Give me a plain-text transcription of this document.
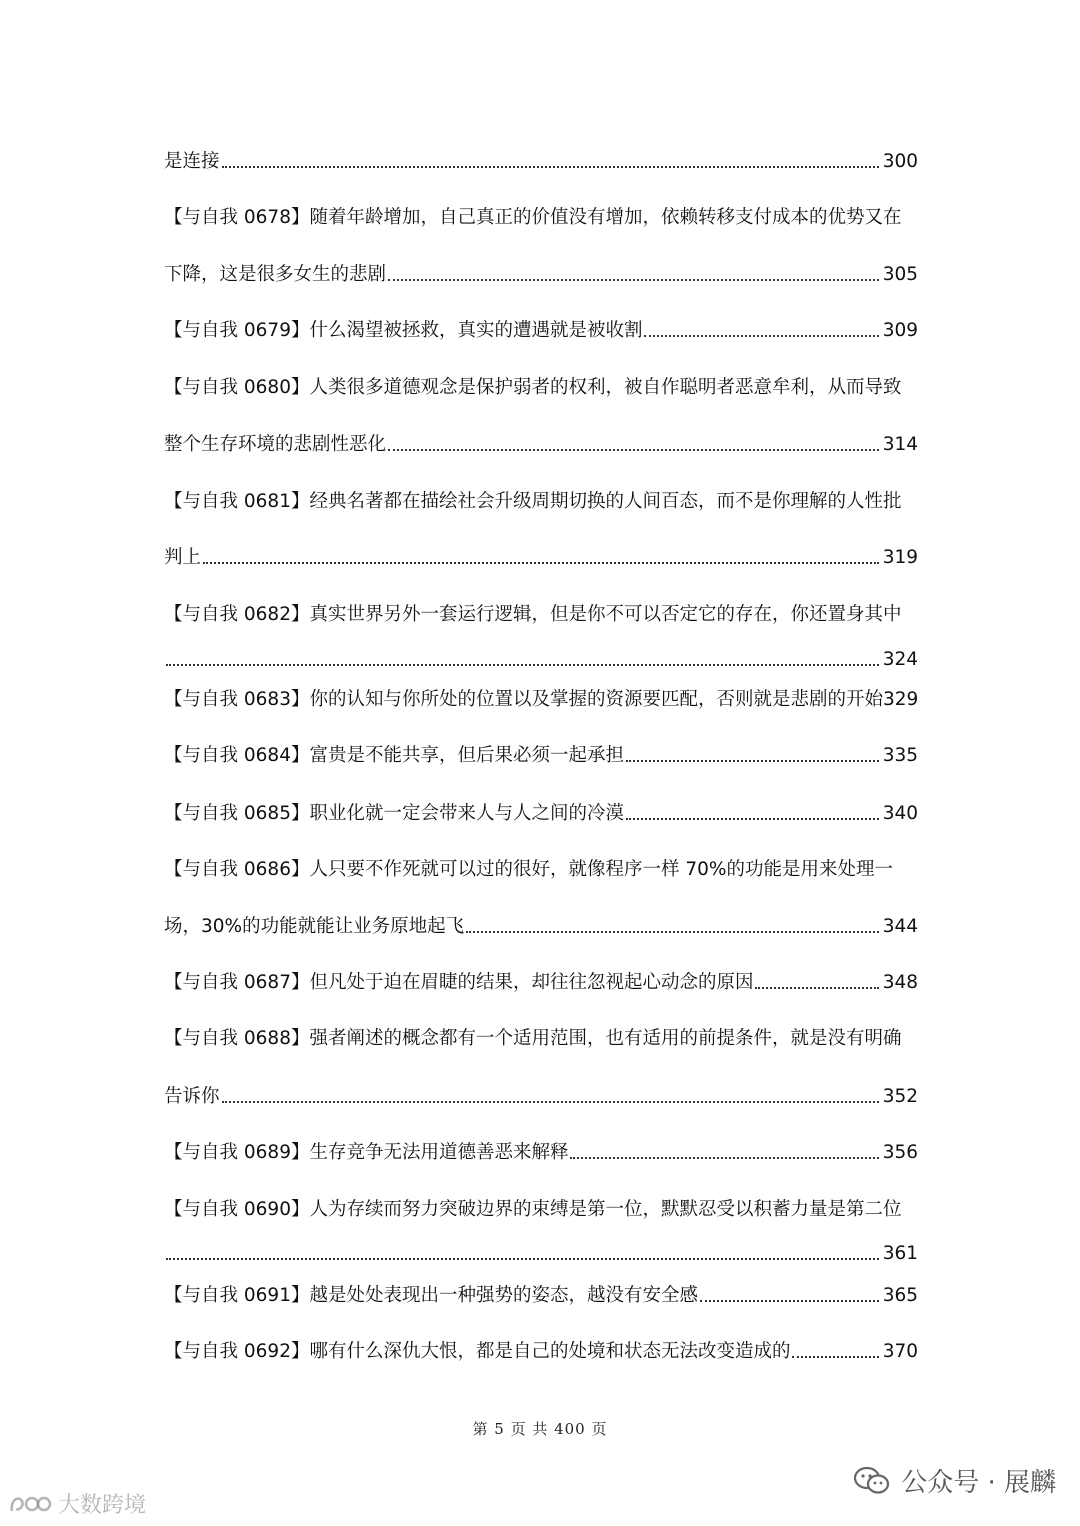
是连接	300
【与自我 0678】随着年龄增加，自己真正的价值没有增加，依赖转移支付成本的优势又在
下降，这是很多女生的悲剧	305
【与自我 0679】什么渴望被拯救，真实的遭遇就是被收割	309
【与自我 0680】人类很多道德观念是保护弱者的权利，被自作聪明者恶意牟利，从而导致
整个生存环境的悲剧性恶化	314
【与自我 0681】经典名著都在描绘社会升级周期切换的人间百态，而不是你理解的人性批
判上	319
【与自我 0682】真实世界另外一套运行逻辑，但是你不可以否定它的存在，你还置身其中
324
【与自我 0683】你的认知与你所处的位置以及掌握的资源要匹配，否则就是悲剧的开始329
【与自我 0684】富贵是不能共享，但后果必须一起承担	335
【与自我 0685】职业化就一定会带来人与人之间的冷漠	340
【与自我 0686】人只要不作死就可以过的很好，就像程序一样 70%的功能是用来处理一
场，30%的功能就能让业务原地起飞	344
【与自我 0687】但凡处于迫在眉睫的结果，却往往忽视起心动念的原因	348
【与自我 0688】强者阐述的概念都有一个适用范围，也有适用的前提条件，就是没有明确
告诉你	352
【与自我 0689】生存竞争无法用道德善恶来解释	356
【与自我 0690】人为存续而努力突破边界的束缚是第一位，默默忍受以积蓄力量是第二位
361
【与自我 0691】越是处处表现出一种强势的姿态，越没有安全感	365
【与自我 0692】哪有什么深仇大恨，都是自己的处境和状态无法改变造成的	370
第 5 页 共 400 页
大数跨境
公众号 · 展麟
